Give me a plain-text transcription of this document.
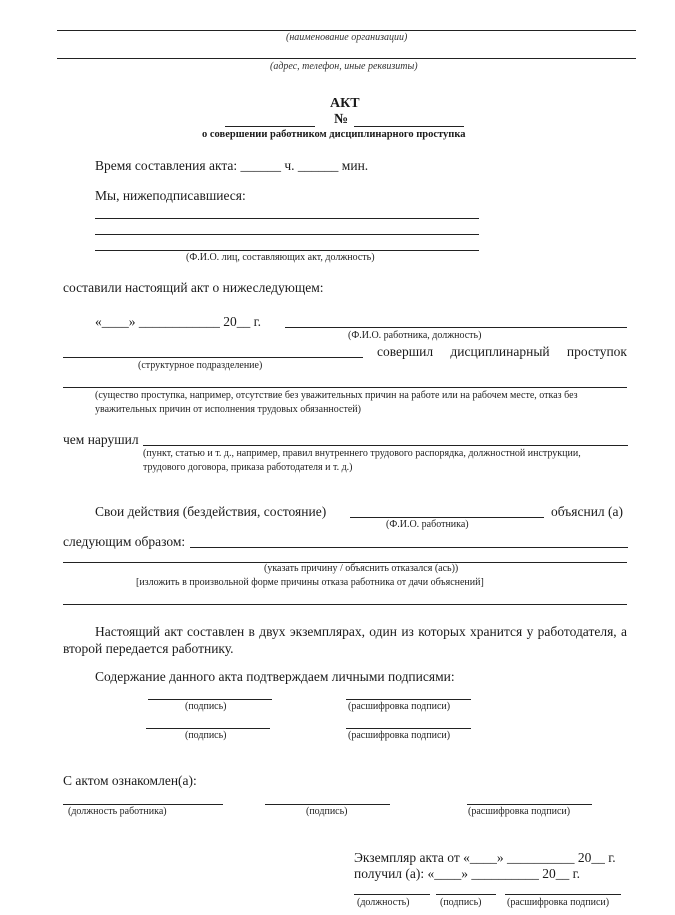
(наименование организации)
(адрес, телефон, иные реквизиты)
АКТ
№
о совершении работником дисциплинарного проступка
Время составления акта: ______ ч. ______ мин.
Мы, нижеподписавшиеся:
(Ф.И.О. лиц, составляющих акт, должность)
составили настоящий акт о нижеследующем:
«____» ____________ 20__ г.
(Ф.И.О. работника, должность)
совершил дисциплинарный проступок
(структурное подразделение)
(существо проступка, например, отсутствие без уважительных причин на работе или на рабочем месте, отказ без уважительных причин от исполнения трудовых обязанностей)
чем нарушил
(пункт, статью и т. д., например, правил внутреннего трудового распорядка, должностной инструкции, трудового договора, приказа работодателя и т. д.)
Свои действия (бездействия, состояние)	объяснил (а)
(Ф.И.О. работника)
следующим образом:
(указать причину / объяснить отказался (ась))
[изложить в произвольной форме причины отказа работника от дачи объяснений]
Настоящий акт составлен в двух экземплярах, один из которых хранится у работодателя, а второй передается работнику.
Содержание данного акта подтверждаем личными подписями:
(подпись)	(расшифровка подписи)
(подпись)	(расшифровка подписи)
С актом ознакомлен(а):
(должность работника)	(подпись)	(расшифровка подписи)
Экземпляр акта от «____» __________ 20__ г.
получил (а): «____» __________ 20__ г.
(должность)	(подпись)	(расшифровка подписи)
